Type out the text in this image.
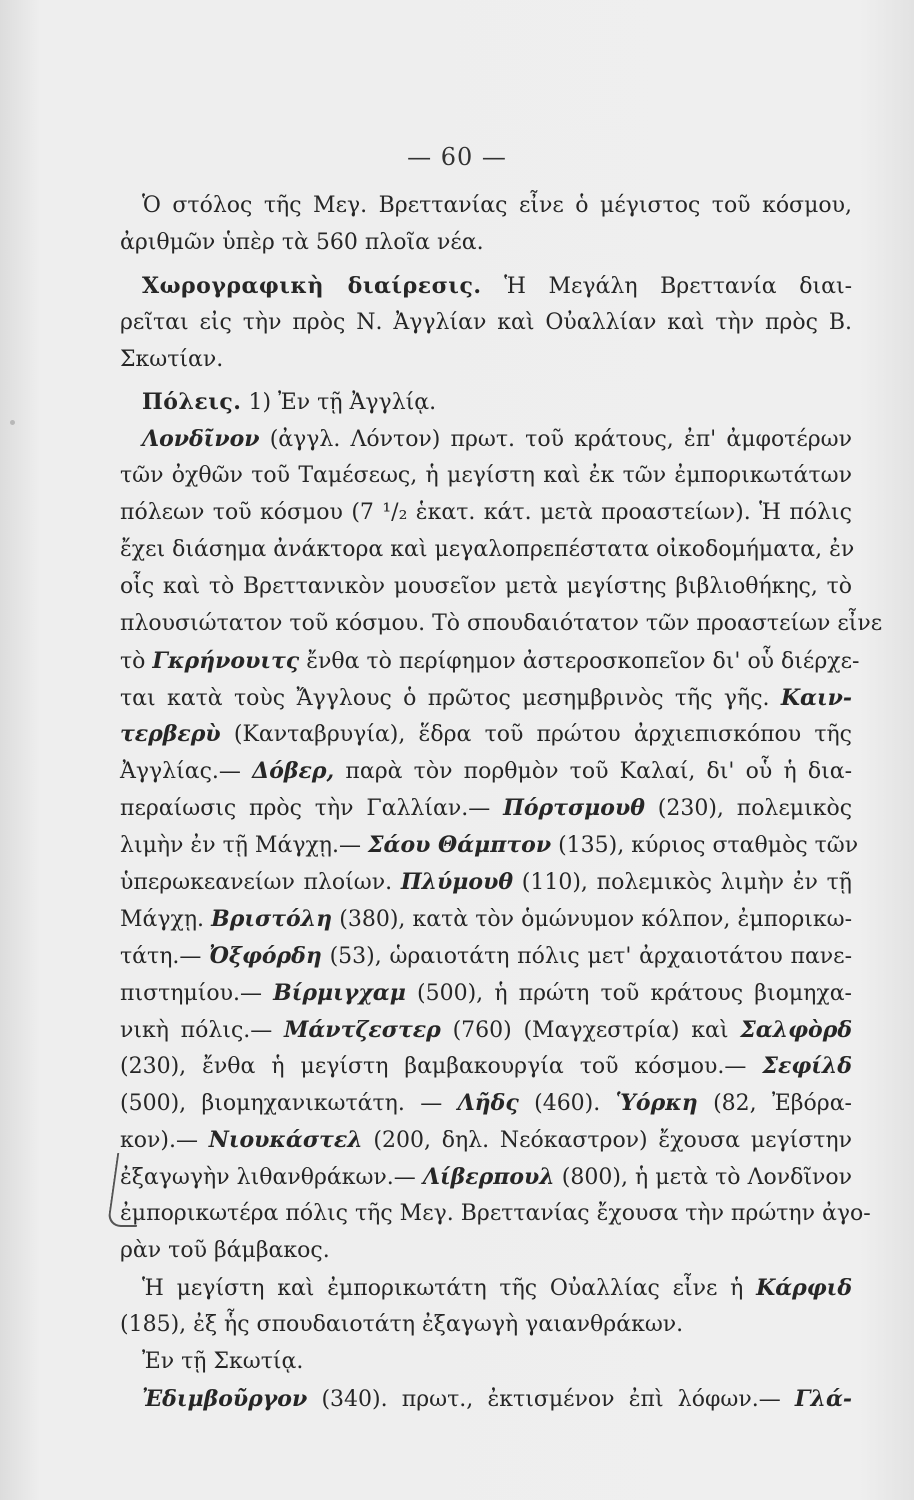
— 60 —
Ὁ στόλος τῆς Μεγ. Βρεττανίας εἶνε ὁ μέγιστος τοῦ κόσμου,
ἀριθμῶν ὑπὲρ τὰ 560 πλοῖα νέα.
Χωρογραφικὴ διαίρεσις. Ἡ Μεγάλη Βρεττανία διαι-
ρεῖται εἰς τὴν πρὸς Ν. Ἀγγλίαν καὶ Οὐαλλίαν καὶ τὴν πρὸς Β.
Σκωτίαν.
Πόλεις. 1) Ἐν τῇ Ἀγγλίᾳ.
Λονδῖνον (ἀγγλ. Λόντον) πρωτ. τοῦ κράτους, ἐπ' ἀμφοτέρων
τῶν ὀχθῶν τοῦ Ταμέσεως, ἡ μεγίστη καὶ ἐκ τῶν ἐμπορικωτάτων
πόλεων τοῦ κόσμου (7 ¹/₂ ἑκατ. κάτ. μετὰ προαστείων). Ἡ πόλις
ἔχει διάσημα ἀνάκτορα καὶ μεγαλοπρεπέστατα οἰκοδομήματα, ἐν
οἷς καὶ τὸ Βρεττανικὸν μουσεῖον μετὰ μεγίστης βιβλιοθήκης, τὸ
πλουσιώτατον τοῦ κόσμου. Τὸ σπουδαιότατον τῶν προαστείων εἶνε
τὸ Γκρήνουιτς ἔνθα τὸ περίφημον ἀστεροσκοπεῖον δι' οὗ διέρχε-
ται κατὰ τοὺς Ἄγγλους ὁ πρῶτος μεσημβρινὸς τῆς γῆς. Καιν-
τερβερὺ (Κανταβρυγία), ἕδρα τοῦ πρώτου ἀρχιεπισκόπου τῆς
Ἀγγλίας.— Δόβερ, παρὰ τὸν πορθμὸν τοῦ Καλαί, δι' οὗ ἡ δια-
περαίωσις πρὸς τὴν Γαλλίαν.— Πόρτσμουθ (230), πολεμικὸς
λιμὴν ἐν τῇ Μάγχῃ.— Σάου Θάμπτον (135), κύριος σταθμὸς τῶν
ὑπερωκεανείων πλοίων. Πλύμουθ (110), πολεμικὸς λιμὴν ἐν τῇ
Μάγχῃ. Βριστόλη (380), κατὰ τὸν ὁμώνυμον κόλπον, ἐμπορικω-
τάτη.— Ὀξφόρδη (53), ὡραιοτάτη πόλις μετ' ἀρχαιοτάτου πανε-
πιστημίου.— Βίρμιγχαμ (500), ἡ πρώτη τοῦ κράτους βιομηχα-
νικὴ πόλις.— Μάντζεστερ (760) (Μαγχεστρία) καὶ Σαλφὸρδ
(230), ἔνθα ἡ μεγίστη βαμβακουργία τοῦ κόσμου.— Σεφίλδ
(500), βιομηχανικωτάτη. — Λῆδς (460). Ὑόρκη (82, Ἐβόρα-
κον).— Νιουκάστελ (200, δηλ. Νεόκαστρον) ἔχουσα μεγίστην
ἐξαγωγὴν λιθανθράκων.— Λίβερπουλ (800), ἡ μετὰ τὸ Λονδῖνον
ἐμπορικωτέρα πόλις τῆς Μεγ. Βρεττανίας ἔχουσα τὴν πρώτην ἀγο-
ρὰν τοῦ βάμβακος.
Ἡ μεγίστη καὶ ἐμπορικωτάτη τῆς Οὐαλλίας εἶνε ἡ Κάρφιδ
(185), ἐξ ἧς σπουδαιοτάτη ἐξαγωγὴ γαιανθράκων.
Ἐν τῇ Σκωτίᾳ.
Ἐδιμβοῦργον (340). πρωτ., ἐκτισμένον ἐπὶ λόφων.— Γλά-
